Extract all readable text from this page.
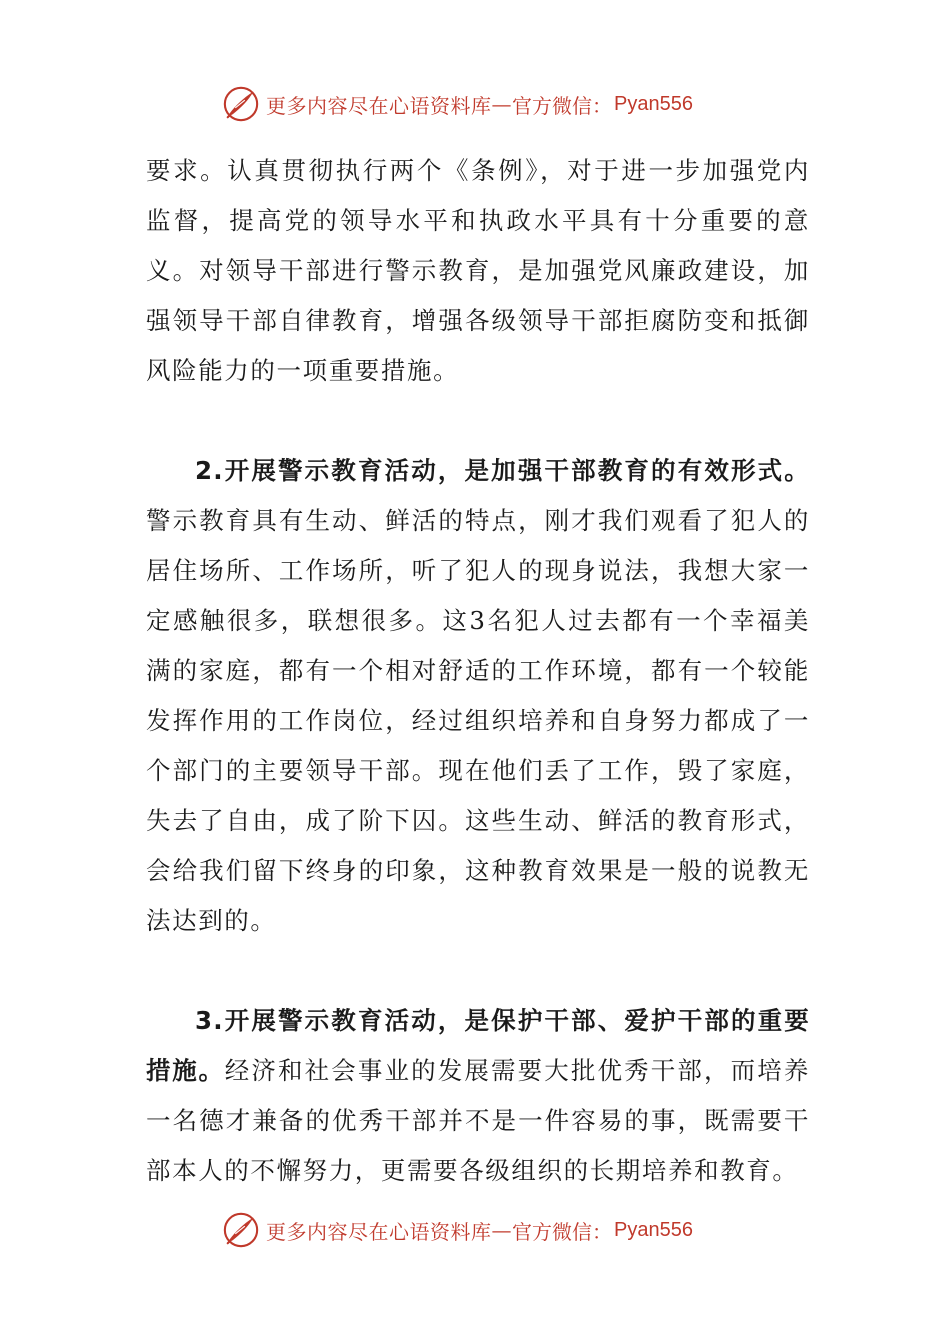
更多内容尽在心语资料库 — 官方微信： Pyan556

要求。认真贯彻执行两个《条例》，对于进一步加强党内监督，提高党的领导水平和执政水平具有十分重要的意义。对领导干部进行警示教育，是加强党风廉政建设，加强领导干部自律教育，增强各级领导干部拒腐防变和抵御风险能力的一项重要措施。

2.开展警示教育活动，是加强干部教育的有效形式。警示教育具有生动、鲜活的特点，刚才我们观看了犯人的居住场所、工作场所，听了犯人的现身说法，我想大家一定感触很多，联想很多。这3名犯人过去都有一个幸福美满的家庭，都有一个相对舒适的工作环境，都有一个较能发挥作用的工作岗位，经过组织培养和自身努力都成了一个部门的主要领导干部。现在他们丢了工作，毁了家庭，失去了自由，成了阶下囚。这些生动、鲜活的教育形式，会给我们留下终身的印象，这种教育效果是一般的说教无法达到的。

3.开展警示教育活动，是保护干部、爱护干部的重要措施。经济和社会事业的发展需要大批优秀干部，而培养一名德才兼备的优秀干部并不是一件容易的事，既需要干部本人的不懈努力，更需要各级组织的长期培养和教育。

更多内容尽在心语资料库 — 官方微信： Pyan556
